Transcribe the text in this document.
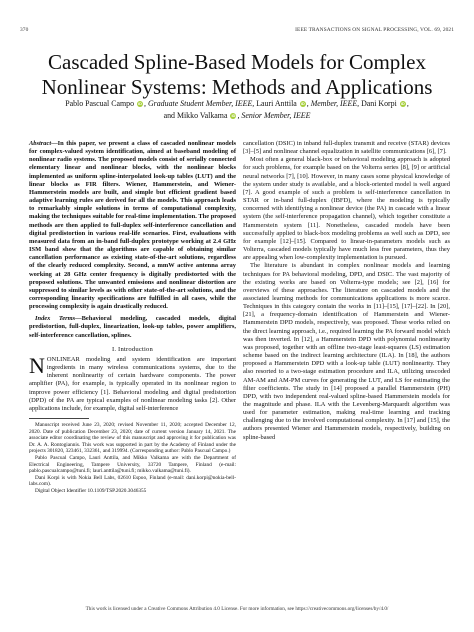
370	IEEE TRANSACTIONS ON SIGNAL PROCESSING, VOL. 69, 2021
Cascaded Spline-Based Models for Complex
Nonlinear Systems: Methods and Applications
Pablo Pascual Campo iD , Graduate Student Member, IEEE, Lauri Anttila iD , Member, IEEE, Dani Korpi iD ,
and Mikko Valkama iD , Senior Member, IEEE

Abstract—In this paper, we present a class of cascaded nonlinear models for complex-valued system identification, aimed at baseband modeling of nonlinear radio systems. The proposed models consist of serially connected elementary linear and nonlinear blocks, with the nonlinear blocks implemented as uniform spline-interpolated look-up tables (LUT) and the linear blocks as FIR filters. Wiener, Hammerstein, and Wiener-Hammerstein models are built, and simple but efficient gradient based adaptive learning rules are derived for all the models. This approach leads to remarkably simple solutions in terms of computational complexity, making the techniques suitable for real-time implementation. The proposed methods are then applied to full-duplex self-interference cancellation and digital predistortion in various real-life scenarios. First, evaluations with measured data from an in-band full-duplex prototype working at 2.4 GHz ISM band show that the algorithms are capable of obtaining similar cancellation performance as existing state-of-the-art solutions, regardless of the clearly reduced complexity. Second, a mmW active antenna array working at 28 GHz center frequency is digitally predistorted with the proposed solutions. The unwanted emissions and nonlinear distortion are suppressed to similar levels as with other state-of-the-art solutions, and the corresponding linearity specifications are fulfilled in all cases, while the processing complexity is again drastically reduced.

Index Terms—Behavioral modeling, cascaded models, digital predistortion, full-duplex, linearization, look-up tables, power amplifiers, self-interference cancellation, splines.

I. Introduction

NONLINEAR modeling and system identification are important ingredients in many wireless communications systems, due to the inherent nonlinearity of certain hardware components. The power amplifier (PA), for example, is typically operated in its nonlinear region to improve power efficiency [1]. Behavioral modeling and digital predistortion (DPD) of the PA are typical examples of nonlinear modeling tasks [2]. Other applications include, for example, digital self-interference

Manuscript received June 23, 2020; revised November 11, 2020; accepted December 12, 2020. Date of publication December 23, 2020; date of current version January 14, 2021. The associate editor coordinating the review of this manuscript and approving it for publication was Dr. A. A. Rontogiannis. This work was supported in part by the Academy of Finland under the projects 301820, 323461, 332361, and 319994. (Corresponding author: Pablo Pascual Campo.)

Pablo Pascual Campo, Lauri Anttila, and Mikko Valkama are with the Department of Electrical Engineering, Tampere University, 33720 Tampere, Finland (e-mail: pablo.pascualcampo@tuni.fi; lauri.anttila@tuni.fi; mikko.valkama@tuni.fi).

Dani Korpi is with Nokia Bell Labs, 02610 Espoo, Finland (e-mail: dani.korpi@nokia-bell-labs.com).

Digital Object Identifier 10.1109/TSP.2020.3046355

cancellation (DSIC) in inband full-duplex transmit and receive (STAR) devices [3]–[5] and nonlinear channel equalization in satellite communications [6], [7].

Most often a general black-box or behavioral modeling approach is adopted for such problems, for example based on the Volterra series [8], [9] or artificial neural networks [7], [10]. However, in many cases some physical knowledge of the system under study is available, and a block-oriented model is well argued [7]. A good example of such a problem is self-interference cancellation in STAR or in-band full-duplex (IBFD), where the modeling is typically concerned with identifying a nonlinear device (the PA) in cascade with a linear system (the self-interference propagation channel), which together constitute a Hammerstein system [11]. Nonetheless, cascaded models have been successfully applied to black-box modeling problems as well such as DPD, see for example [12]–[15]. Compared to linear-in-parameters models such as Volterra, cascaded models typically have much less free parameters, thus they are appealing when low-complexity implementation is pursued.

The literature is abundant in complex nonlinear models and learning techniques for PA behavioral modeling, DPD, and DSIC. The vast majority of the existing works are based on Volterra-type models; see [2], [16] for overviews of these approaches. The literature on cascaded models and the associated learning methods for communications applications is more scarce. Techniques in this category contain the works in [11]–[15], [17]–[22]. In [20], [21], a frequency-domain identification of Hammerstein and Wiener-Hammerstein DPD models, respectively, was proposed. These works relied on the direct learning approach, i.e., required learning the PA forward model which was then inverted. In [12], a Hammerstein DPD with polynomial nonlinearity was proposed, together with an offline two-stage least-squares (LS) estimation scheme based on the indirect learning architecture (ILA). In [18], the authors proposed a Hammerstein DPD with a look-up table (LUT) nonlinearity. They also resorted to a two-stage estimation procedure and ILA, utilizing unscoded AM-AM and AM-PM curves for generating the LUT, and LS for estimating the filter coefficients. The study in [14] proposed a parallel Hammerstein (PH) DPD, with two independent real-valued spline-based Hammerstein models for the magnitude and phase. ILA with the Levenberg-Marquardt algorithm was used for parameter estimation, making real-time learning and tracking challenging due to the involved computational complexity. In [17] and [15], the authors presented Wiener and Hammerstein models, respectively, building on spline-based

This work is licensed under a Creative Commons Attribution 4.0 License. For more information, see https://creativecommons.org/licenses/by/4.0/
